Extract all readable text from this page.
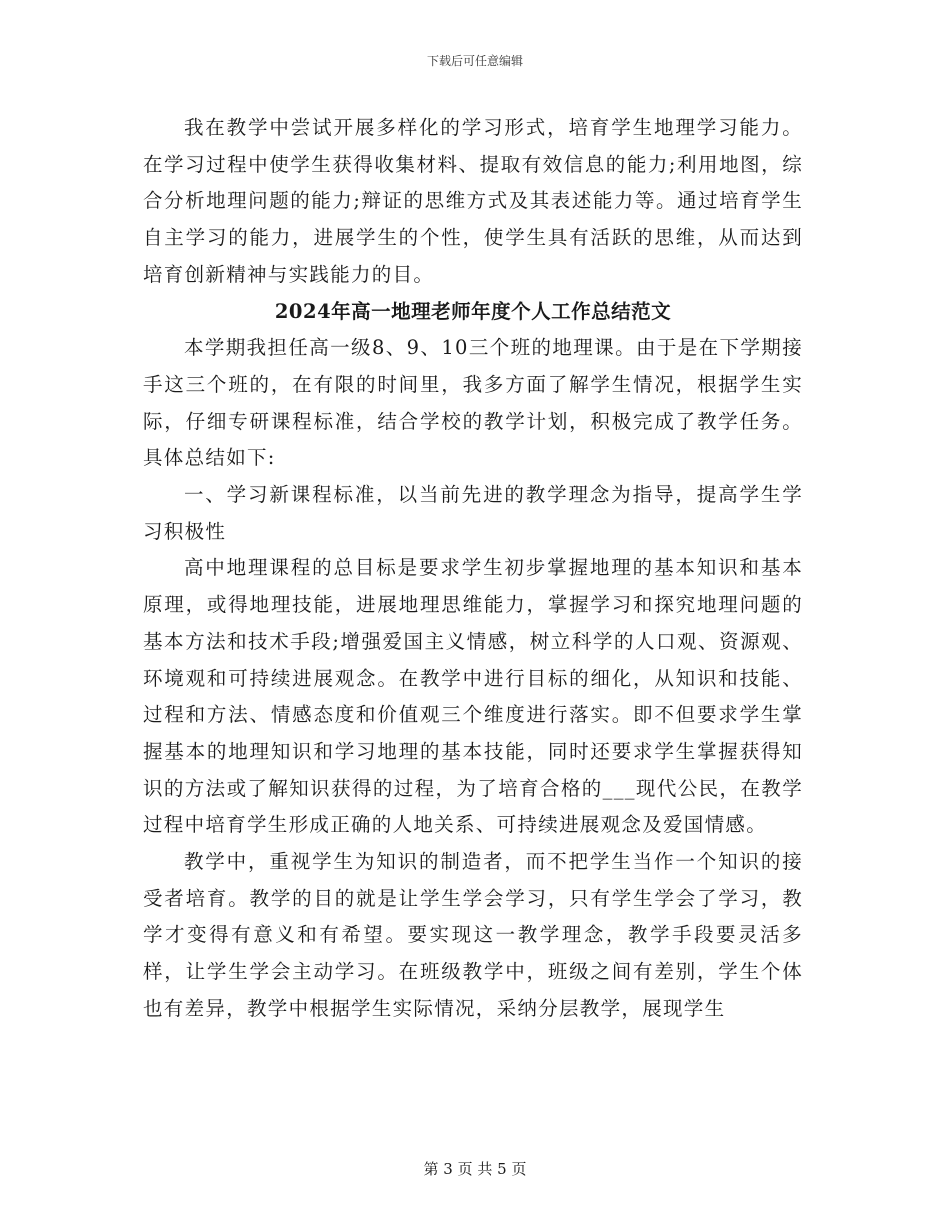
下载后可任意编辑

我在教学中尝试开展多样化的学习形式，培育学生地理学习能力。在学习过程中使学生获得收集材料、提取有效信息的能力;利用地图，综合分析地理问题的能力;辩证的思维方式及其表述能力等。通过培育学生自主学习的能力，进展学生的个性，使学生具有活跃的思维，从而达到培育创新精神与实践能力的目。

2024年高一地理老师年度个人工作总结范文

本学期我担任高一级8、9、10三个班的地理课。由于是在下学期接手这三个班的，在有限的时间里，我多方面了解学生情况，根据学生实际，仔细专研课程标准，结合学校的教学计划，积极完成了教学任务。具体总结如下:

一、学习新课程标准，以当前先进的教学理念为指导，提高学生学习积极性

高中地理课程的总目标是要求学生初步掌握地理的基本知识和基本原理，或得地理技能，进展地理思维能力，掌握学习和探究地理问题的基本方法和技术手段;增强爱国主义情感，树立科学的人口观、资源观、环境观和可持续进展观念。在教学中进行目标的细化，从知识和技能、过程和方法、情感态度和价值观三个维度进行落实。即不但要求学生掌握基本的地理知识和学习地理的基本技能，同时还要求学生掌握获得知识的方法或了解知识获得的过程，为了培育合格的___现代公民，在教学过程中培育学生形成正确的人地关系、可持续进展观念及爱国情感。

教学中，重视学生为知识的制造者，而不把学生当作一个知识的接受者培育。教学的目的就是让学生学会学习，只有学生学会了学习，教学才变得有意义和有希望。要实现这一教学理念，教学手段要灵活多样，让学生学会主动学习。在班级教学中，班级之间有差别，学生个体也有差异，教学中根据学生实际情况，采纳分层教学，展现学生

第 3 页 共 5 页
